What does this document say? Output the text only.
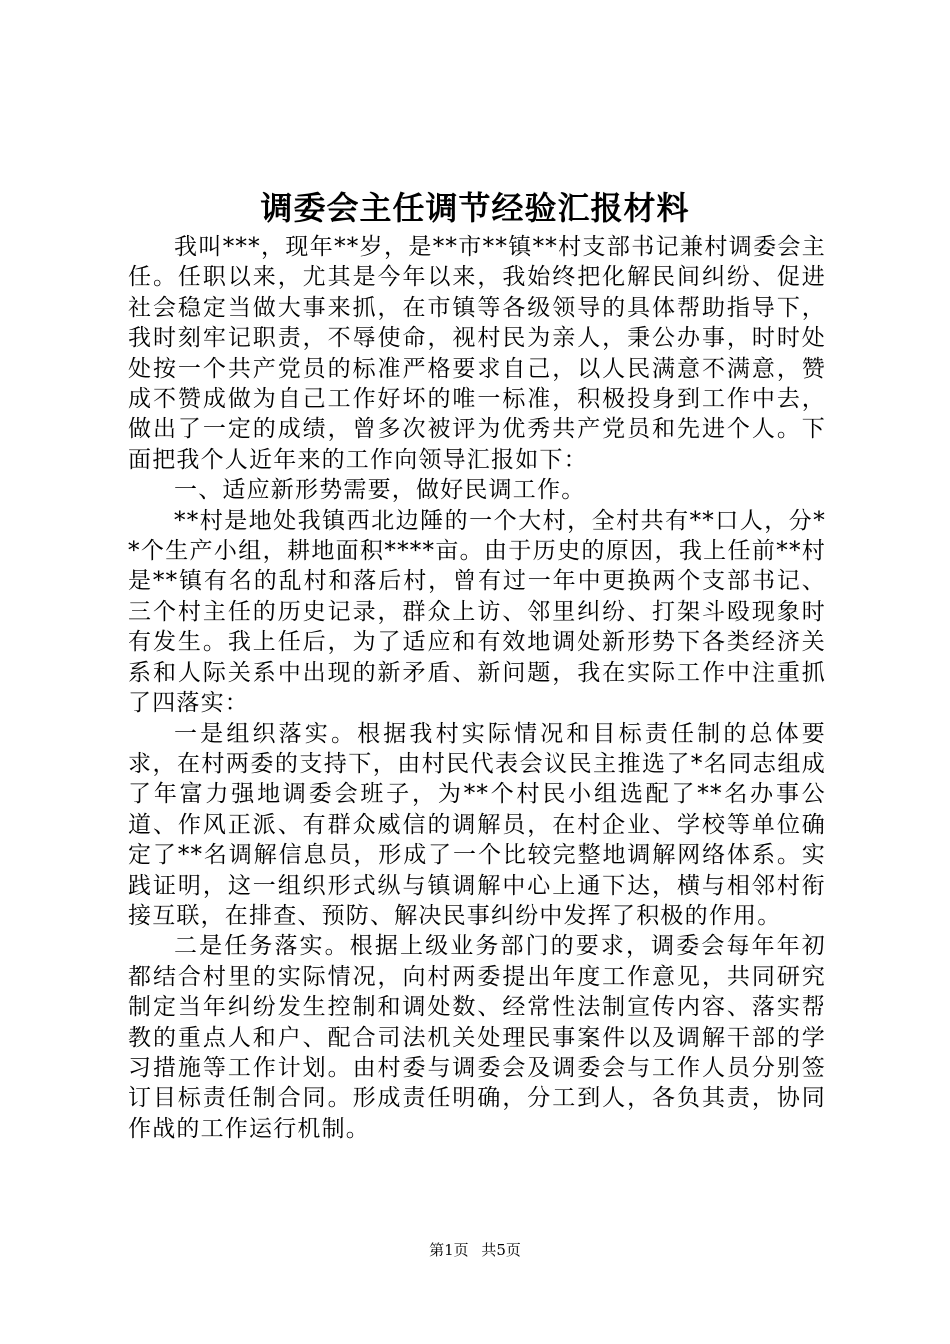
调委会主任调节经验汇报材料

我叫***，现年**岁，是**市**镇**村支部书记兼村调委会主任。任职以来，尤其是今年以来，我始终把化解民间纠纷、促进社会稳定当做大事来抓，在市镇等各级领导的具体帮助指导下，我时刻牢记职责，不辱使命，视村民为亲人，秉公办事，时时处处按一个共产党员的标准严格要求自己，以人民满意不满意，赞成不赞成做为自己工作好坏的唯一标准，积极投身到工作中去，做出了一定的成绩，曾多次被评为优秀共产党员和先进个人。下面把我个人近年来的工作向领导汇报如下：

一、适应新形势需要，做好民调工作。

**村是地处我镇西北边陲的一个大村，全村共有**口人，分**个生产小组，耕地面积****亩。由于历史的原因，我上任前**村是**镇有名的乱村和落后村，曾有过一年中更换两个支部书记、三个村主任的历史记录，群众上访、邻里纠纷、打架斗殴现象时有发生。我上任后，为了适应和有效地调处新形势下各类经济关系和人际关系中出现的新矛盾、新问题，我在实际工作中注重抓了四落实：

一是组织落实。根据我村实际情况和目标责任制的总体要求，在村两委的支持下，由村民代表会议民主推选了*名同志组成了年富力强地调委会班子，为**个村民小组选配了**名办事公道、作风正派、有群众威信的调解员，在村企业、学校等单位确定了**名调解信息员，形成了一个比较完整地调解网络体系。实践证明，这一组织形式纵与镇调解中心上通下达，横与相邻村衔接互联，在排查、预防、解决民事纠纷中发挥了积极的作用。

二是任务落实。根据上级业务部门的要求，调委会每年年初都结合村里的实际情况，向村两委提出年度工作意见，共同研究制定当年纠纷发生控制和调处数、经常性法制宣传内容、落实帮教的重点人和户、配合司法机关处理民事案件以及调解干部的学习措施等工作计划。由村委与调委会及调委会与工作人员分别签订目标责任制合同。形成责任明确，分工到人，各负其责，协同作战的工作运行机制。

第1页 共5页
